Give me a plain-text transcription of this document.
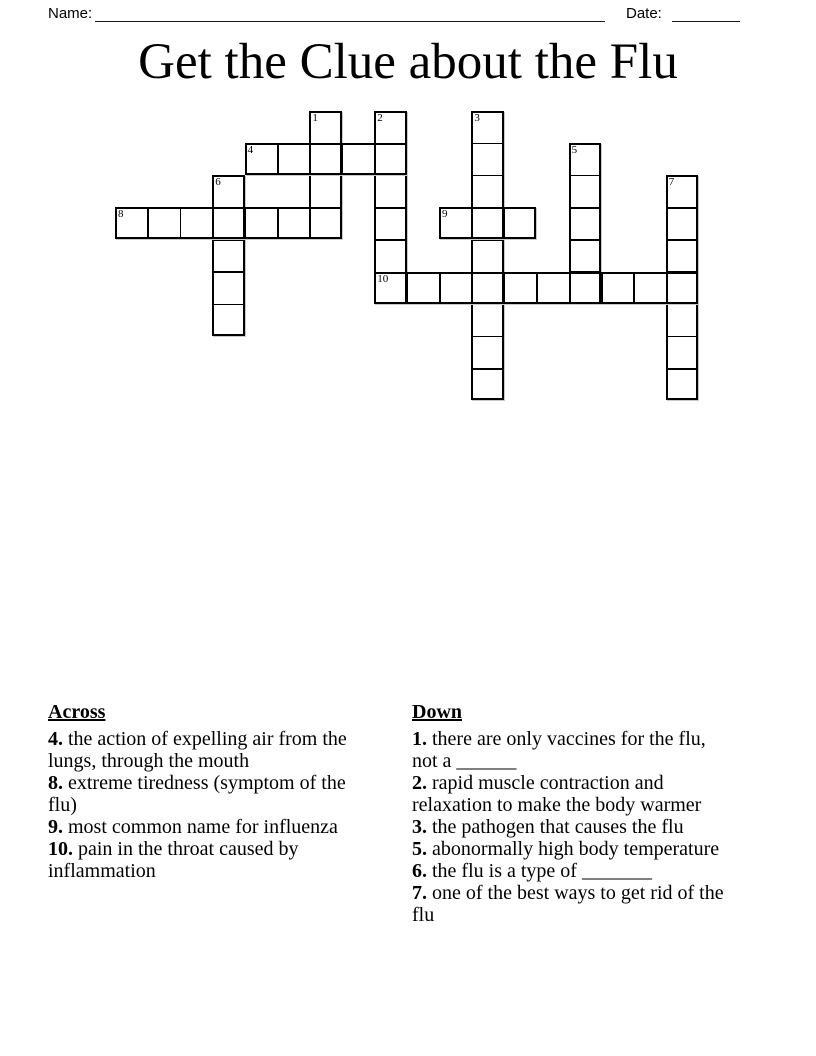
Name:	Date:
Get the Clue about the Flu
1	2	3
4	5
6	7
8	9
10

Across

4. the action of expelling air from the lungs, through the mouth

8. extreme tiredness (symptom of the flu)

9. most common name for influenza

10. pain in the throat caused by inflammation

Down

1. there are only vaccines for the flu, not a ______

2. rapid muscle contraction and relaxation to make the body warmer

3. the pathogen that causes the flu

5. abonormally high body temperature

6. the flu is a type of _______

7. one of the best ways to get rid of the flu
